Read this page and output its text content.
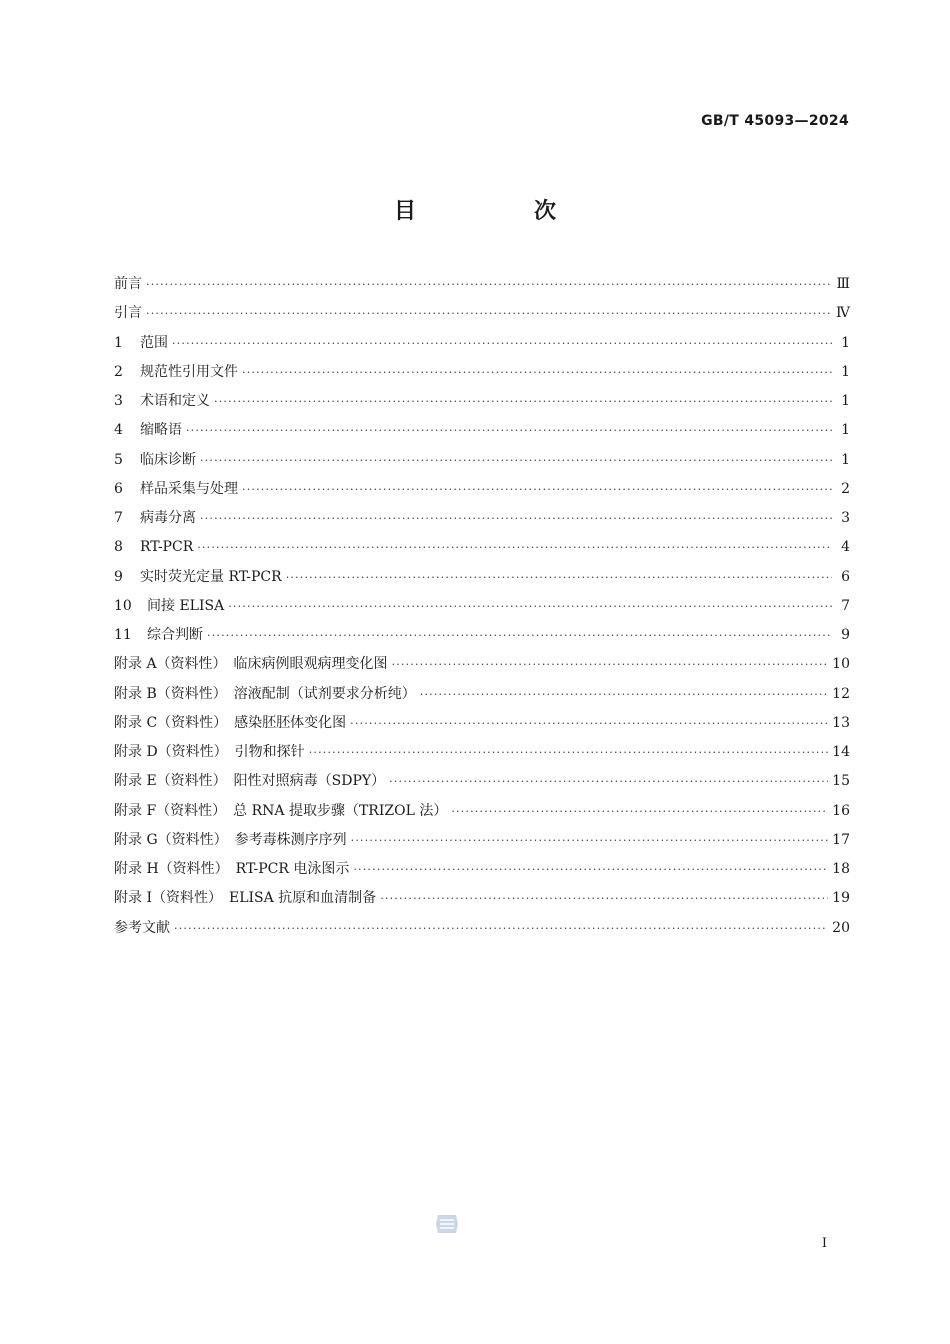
GB/T 45093—2024
目　次
前言 ·····	Ⅲ
引言 ·····	Ⅳ
1 范围 ·····	1
2 规范性引用文件 ·····	1
3 术语和定义 ·····	1
4 缩略语 ·····	1
5 临床诊断 ·····	1
6 样品采集与处理 ·····	2
7 病毒分离 ·····	3
8 RT-PCR ·····	4
9 实时荧光定量 RT-PCR ·····	6
10 间接 ELISA ·····	7
11 综合判断 ·····	9
附录 A（资料性）　临床病例眼观病理变化图 ·····	10
附录 B（资料性）　溶液配制（试剂要求分析纯） ·····	12
附录 C（资料性）　感染胚胚体变化图 ·····	13
附录 D（资料性）　引物和探针 ·····	14
附录 E（资料性）　阳性对照病毒（SDPY） ·····	15
附录 F（资料性）　总 RNA 提取步骤（TRIZOL 法） ·····	16
附录 G（资料性）　参考毒株测序序列 ·····	17
附录 H（资料性）　RT-PCR 电泳图示 ·····	18
附录 I（资料性）　ELISA 抗原和血清制备 ·····	19
参考文献 ·····	20
Ⅰ
